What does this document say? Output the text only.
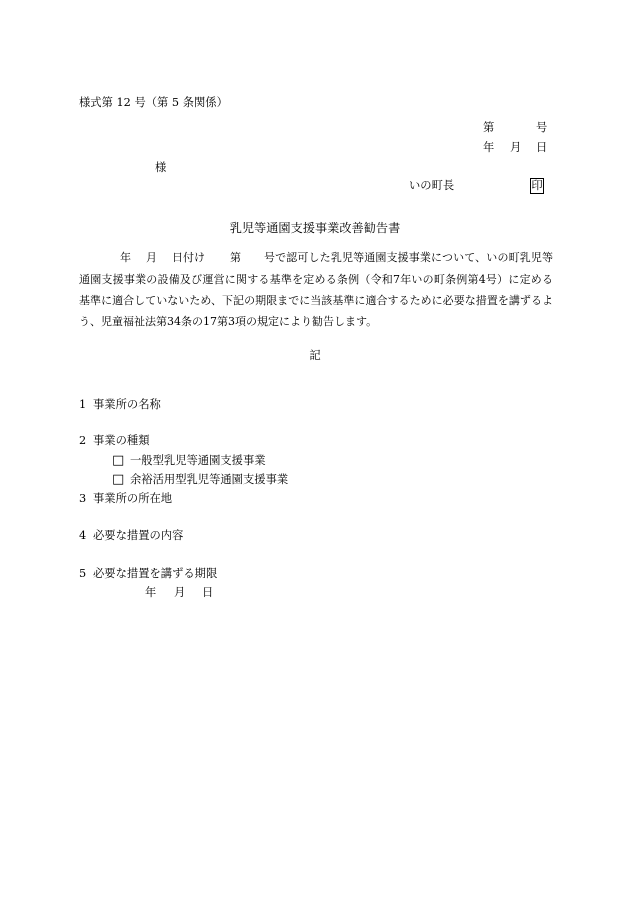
様式第 12 号（第 5 条関係）
第	号
年 月 日
様
いの町長	印
乳児等通園支援事業改善勧告書
年 月 日付け 第 号で認可した乳児等通園支援事業について、いの町乳児等
通園支援事業の設備及び運営に関する基準を定める条例（令和7年いの町条例第4号）に定める
基準に適合していないため、下記の期限までに当該基準に適合するために必要な措置を講ずるよ
う、児童福祉法第34条の17第3項の規定により勧告します。
記
1 事業所の名称
2 事業の種類
□ 一般型乳児等通園支援事業
□ 余裕活用型乳児等通園支援事業
3 事業所の所在地
4 必要な措置の内容
5 必要な措置を講ずる期限
年 月 日
